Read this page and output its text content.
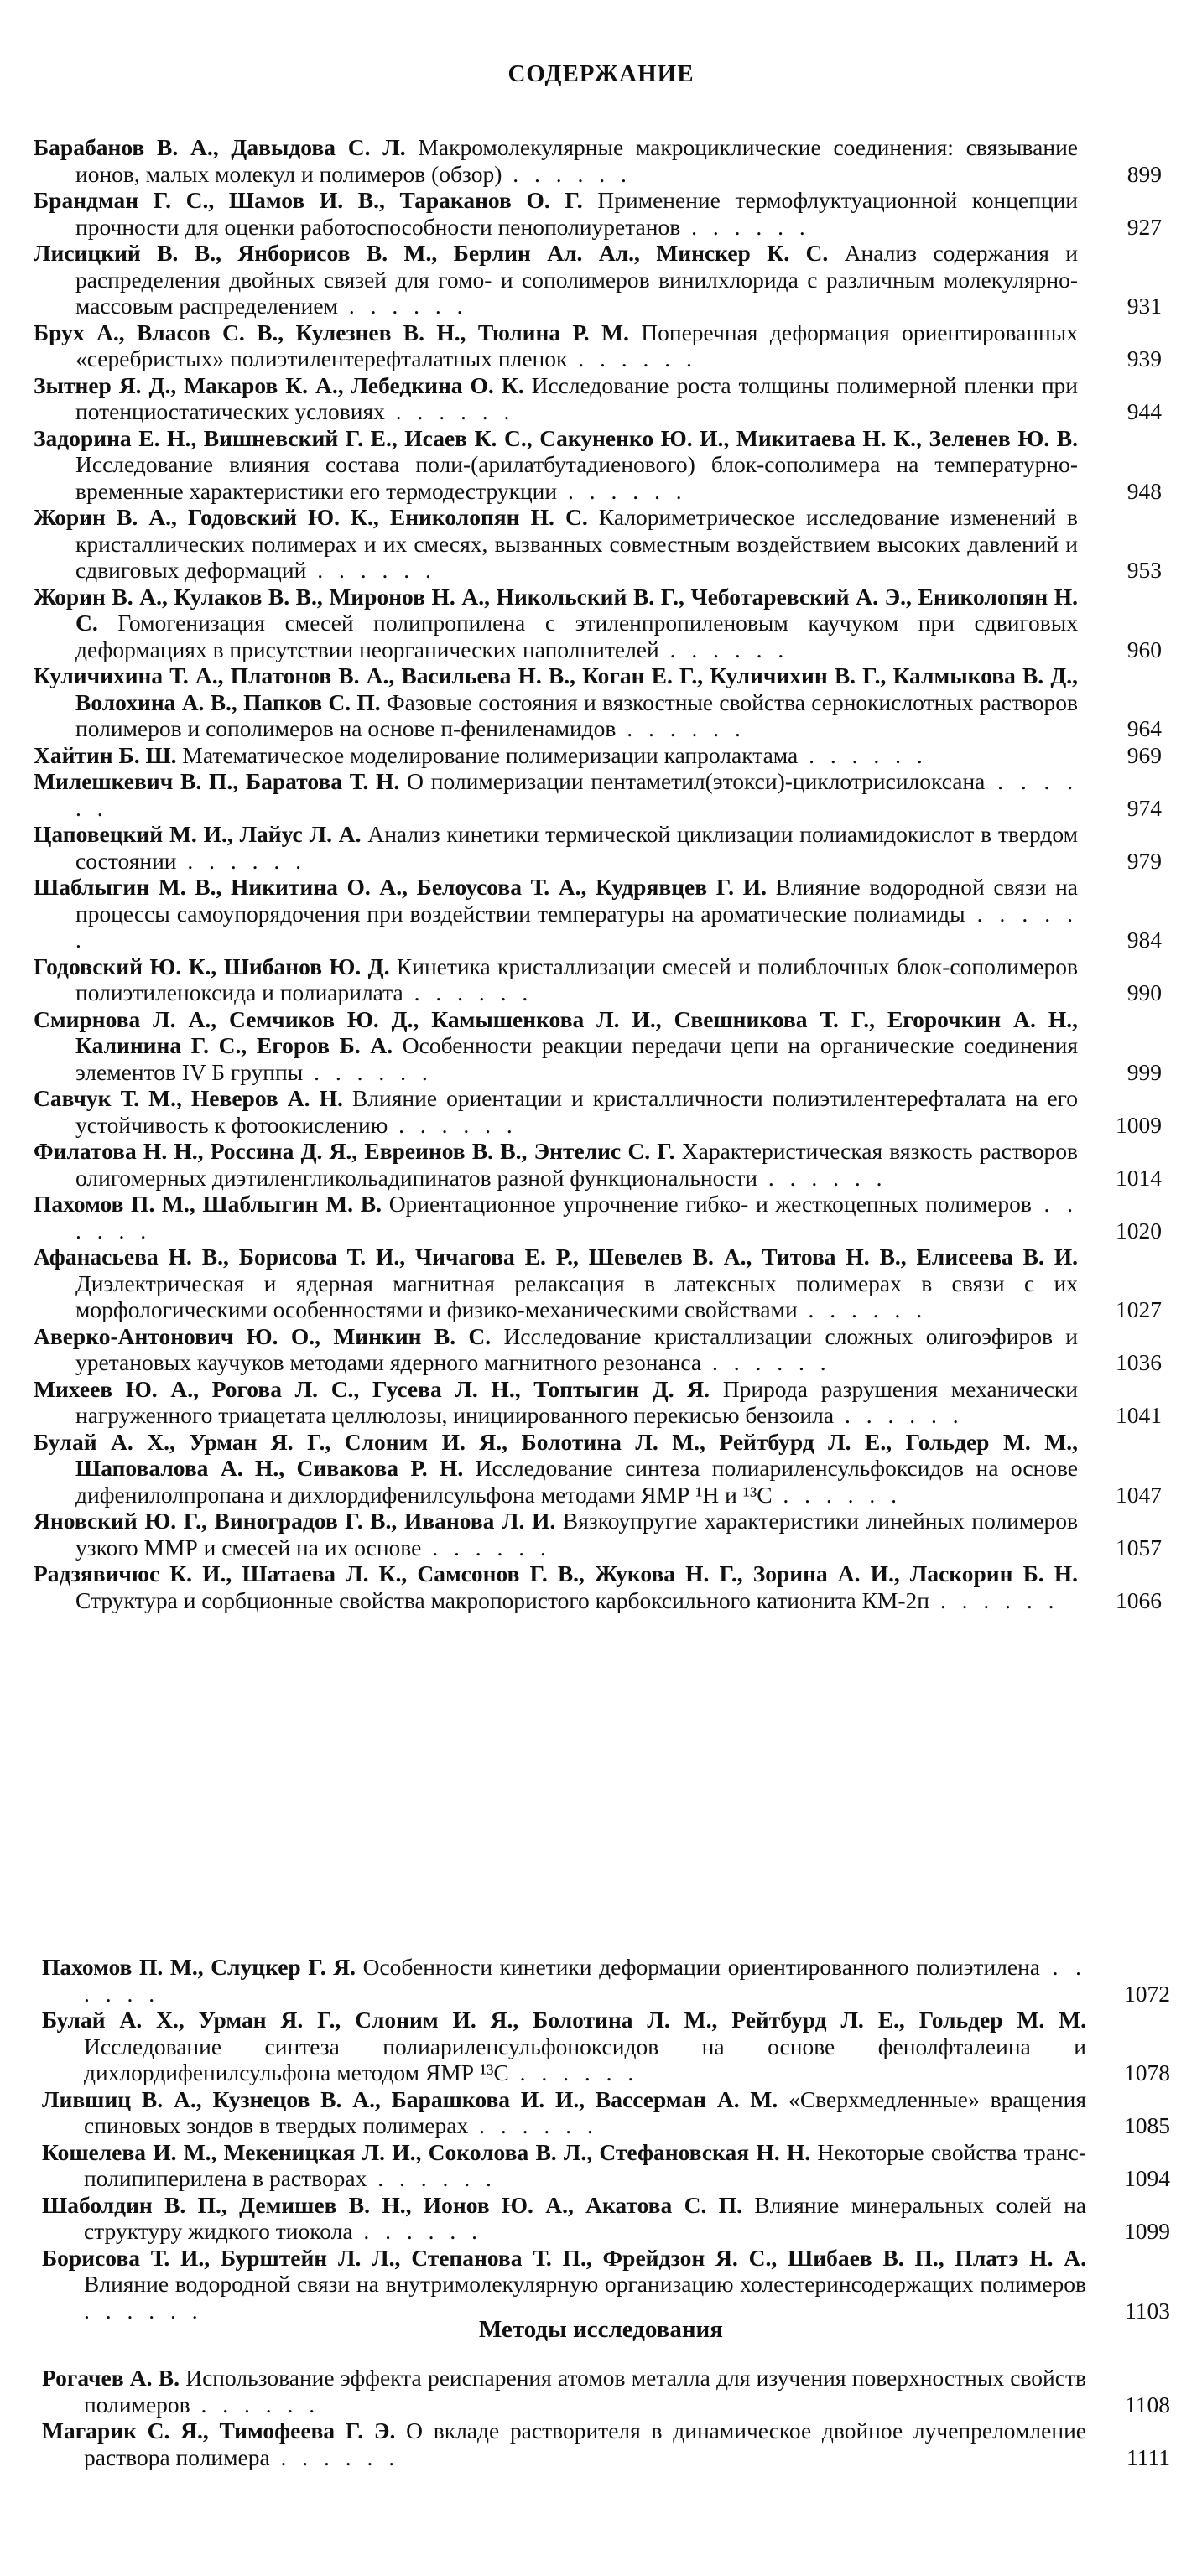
СОДЕРЖАНИЕ
Барабанов В. А., Давыдова С. Л. Макромолекулярные макроциклические соединения: связывание ионов, малых молекул и полимеров (обзор) . . . . . .	899
Брандман Г. С., Шамов И. В., Тараканов О. Г. Применение термофлуктуационной концепции прочности для оценки работоспособности пенополиуретанов . . . . . .	927
Лисицкий В. В., Янборисов В. М., Берлин Ал. Ал., Минскер К. С. Анализ содержания и распределения двойных связей для гомо- и сополимеров винилхлорида с различным молекулярно-массовым распределением . . . . . .	931
Брух А., Власов С. В., Кулезнев В. Н., Тюлина Р. М. Поперечная деформация ориентированных «серебристых» полиэтилентерефталатных пленок . . . . . .	939
Зытнер Я. Д., Макаров К. А., Лебедкина О. К. Исследование роста толщины полимерной пленки при потенциостатических условиях . . . . . .	944
Задорина Е. Н., Вишневский Г. Е., Исаев К. С., Сакуненко Ю. И., Микитаева Н. К., Зеленев Ю. В. Исследование влияния состава поли-(арилатбутадиенового) блок-сополимера на температурно-временные характеристики его термодеструкции . . . . . .	948
Жорин В. А., Годовский Ю. К., Ениколопян Н. С. Калориметрическое исследование изменений в кристаллических полимерах и их смесях, вызванных совместным воздействием высоких давлений и сдвиговых деформаций . . . . . .	953
Жорин В. А., Кулаков В. В., Миронов Н. А., Никольский В. Г., Чеботаревский А. Э., Ениколопян Н. С. Гомогенизация смесей полипропилена с этиленпропиленовым каучуком при сдвиговых деформациях в присутствии неорганических наполнителей . . . . . .	960
Куличихина Т. А., Платонов В. А., Васильева Н. В., Коган Е. Г., Куличихин В. Г., Калмыкова В. Д., Волохина А. В., Папков С. П. Фазовые состояния и вязкостные свойства сернокислотных растворов полимеров и сополимеров на основе п-фениленамидов . . . . . .	964
Хайтин Б. Ш. Математическое моделирование полимеризации капролактама . . . . . .	969
Милешкевич В. П., Баратова Т. Н. О полимеризации пентаметил(этокси)-циклотрисилоксана . . . . . .	974
Цаповецкий М. И., Лайус Л. А. Анализ кинетики термической циклизации полиамидокислот в твердом состоянии . . . . . .	979
Шаблыгин М. В., Никитина О. А., Белоусова Т. А., Кудрявцев Г. И. Влияние водородной связи на процессы самоупорядочения при воздействии температуры на ароматические полиамиды . . . . . .	984
Годовский Ю. К., Шибанов Ю. Д. Кинетика кристаллизации смесей и полиблочных блок-сополимеров полиэтиленоксида и полиарилата . . . . . .	990
Смирнова Л. А., Семчиков Ю. Д., Камышенкова Л. И., Свешникова Т. Г., Егорочкин А. Н., Калинина Г. С., Егоров Б. А. Особенности реакции передачи цепи на органические соединения элементов IV Б группы . . . . . .	999
Савчук Т. М., Неверов А. Н. Влияние ориентации и кристалличности полиэтилентерефталата на его устойчивость к фотоокислению . . . . . .	1009
Филатова Н. Н., Россина Д. Я., Евреинов В. В., Энтелис С. Г. Характеристическая вязкость растворов олигомерных диэтиленгликольадипинатов разной функциональности . . . . . .	1014
Пахомов П. М., Шаблыгин М. В. Ориентационное упрочнение гибко- и жесткоцепных полимеров . . . . . .	1020
Афанасьева Н. В., Борисова Т. И., Чичагова Е. Р., Шевелев В. А., Титова Н. В., Елисеева В. И. Диэлектрическая и ядерная магнитная релаксация в латексных полимерах в связи с их морфологическими особенностями и физико-механическими свойствами . . . . . .	1027
Аверко-Антонович Ю. О., Минкин В. С. Исследование кристаллизации сложных олигоэфиров и уретановых каучуков методами ядерного магнитного резонанса . . . . . .	1036
Михеев Ю. А., Рогова Л. С., Гусева Л. Н., Топтыгин Д. Я. Природа разрушения механически нагруженного триацетата целлюлозы, инициированного перекисью бензоила . . . . . .	1041
Булай А. Х., Урман Я. Г., Слоним И. Я., Болотина Л. М., Рейтбурд Л. Е., Гольдер М. М., Шаповалова А. Н., Сивакова Р. Н. Исследование синтеза полиариленсульфоксидов на основе дифенилолпропана и дихлордифенилсульфона методами ЯМР ¹Н и ¹³С . . . . . .	1047
Яновский Ю. Г., Виноградов Г. В., Иванова Л. И. Вязкоупругие характеристики линейных полимеров узкого ММР и смесей на их основе . . . . . .	1057
Радзявичюс К. И., Шатаева Л. К., Самсонов Г. В., Жукова Н. Г., Зорина А. И., Ласкорин Б. Н. Структура и сорбционные свойства макропористого карбоксильного катионита КМ-2п . . . . . .	1066
Пахомов П. М., Слуцкер Г. Я. Особенности кинетики деформации ориентированного полиэтилена . . . . . .	1072
Булай А. Х., Урман Я. Г., Слоним И. Я., Болотина Л. М., Рейтбурд Л. Е., Гольдер М. М. Исследование синтеза полиариленсульфоноксидов на основе фенолфталеина и дихлордифенилсульфона методом ЯМР ¹³С . . . . . .	1078
Лившиц В. А., Кузнецов В. А., Барашкова И. И., Вассерман А. М. «Сверхмедленные» вращения спиновых зондов в твердых полимерах . . . . . .	1085
Кошелева И. М., Мекеницкая Л. И., Соколова В. Л., Стефановская Н. Н. Некоторые свойства транс-полипиперилена в растворах . . . . . .	1094
Шаболдин В. П., Демишев В. Н., Ионов Ю. А., Акатова С. П. Влияние минеральных солей на структуру жидкого тиокола . . . . . .	1099
Борисова Т. И., Бурштейн Л. Л., Степанова Т. П., Фрейдзон Я. С., Шибаев В. П., Платэ Н. А. Влияние водородной связи на внутримолекулярную организацию холестеринсодержащих полимеров . . . . . .	1103
Методы исследования
Рогачев А. В. Использование эффекта реиспарения атомов металла для изучения поверхностных свойств полимеров . . . . . .	1108
Магарик С. Я., Тимофеева Г. Э. О вкладе растворителя в динамическое двойное лучепреломление раствора полимера . . . . . .	1111
